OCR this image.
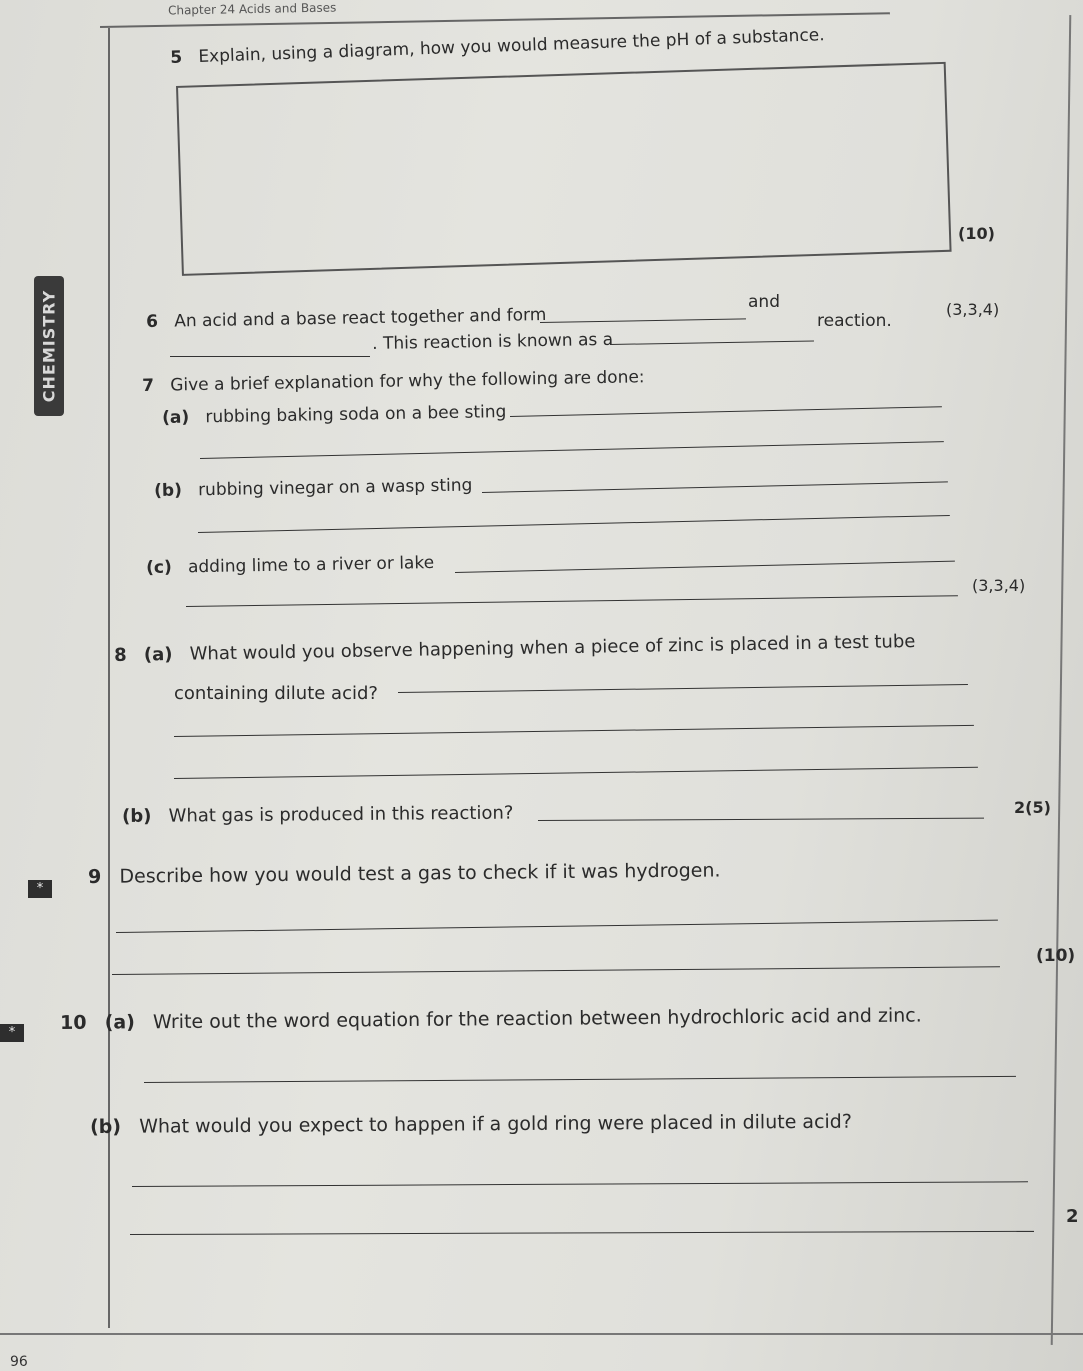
Chapter 24 Acids and Bases
CHEMISTRY
5 Explain, using a diagram, how you would measure the pH of a substance.
(10)
6 An acid and a base react together and form
and
. This reaction is known as a
reaction.
(3,3,4)
7 Give a brief explanation for why the following are done:
(a) rubbing baking soda on a bee sting
(b) rubbing vinegar on a wasp sting
(c) adding lime to a river or lake
(3,3,4)
8 (a) What would you observe happening when a piece of zinc is placed in a test tube
containing dilute acid?
(b) What gas is produced in this reaction?	2(5)
*
9 Describe how you would test a gas to check if it was hydrogen.
(10)
*	10 (a) Write out the word equation for the reaction between hydrochloric acid and zinc.
(b) What would you expect to happen if a gold ring were placed in dilute acid?
2
96
